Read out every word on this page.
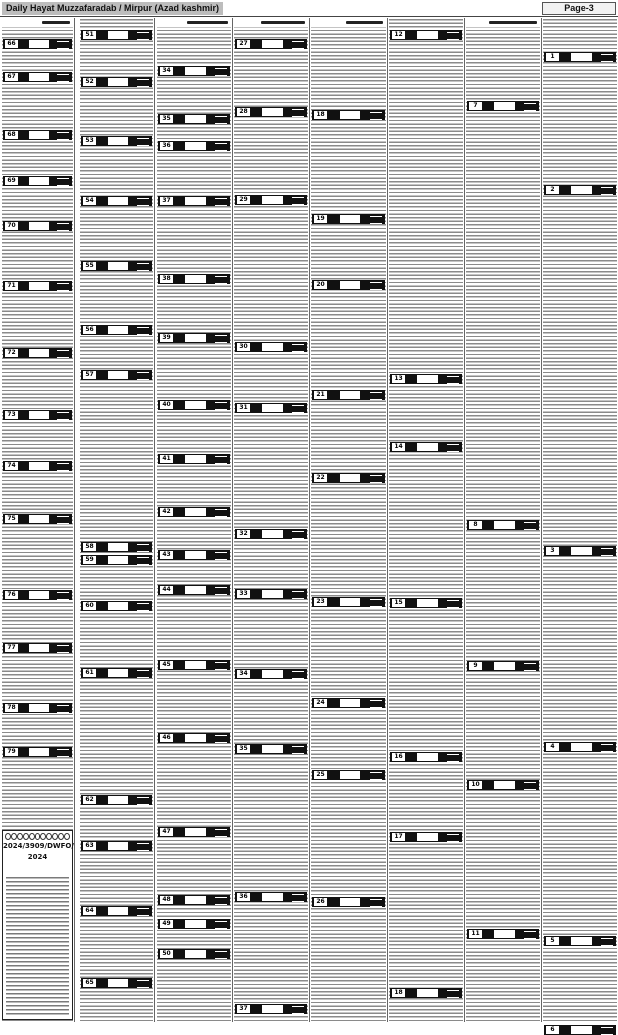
Daily Hayat Muzzafaradab / Mirpur (Azad kashmir)	Page-3
66
67
68
69
70
71
72
73
74
75
76
77
78
79
51
52
53
54
55
56
57
58
59
60
61
62
63
64
65
34
35
36
37
38
39
40
41
42
43
44
45
46
47
48
49
50
27
28
29
30
31
32
33
34
35
36
37
18
19
20
21
22
23
24
25
26
12
13
14
15
16
17
18
7
8
9
10
11
1
2
3
4
5
6
2024/3909/DWFO/
2024
